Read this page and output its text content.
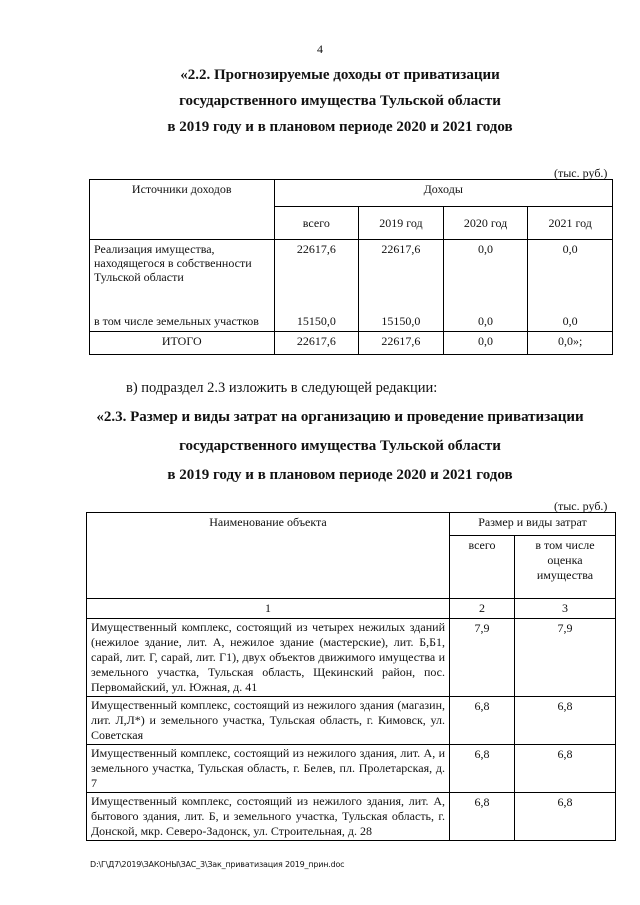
4
«2.2. Прогнозируемые доходы от приватизации
государственного имущества Тульской области
в 2019 году и в плановом периоде 2020 и 2021 годов
(тыс. руб.)
Источники доходов	Доходы			
	всего	2019 год	2020 год	2021 год
Реализация имущества, находящегося в собственности Тульской области	22617,6	22617,6	0,0	0,0
в том числе земельных участков	15150,0	15150,0	0,0	0,0
ИТОГО	22617,6	22617,6	0,0	0,0»;
в) подраздел 2.3 изложить в следующей редакции:
«2.3. Размер и виды затрат на организацию и проведение приватизации
государственного имущества Тульской области
в 2019 году и в плановом периоде 2020 и 2021 годов
(тыс. руб.)
Наименование объекта	Размер и виды затрат	
	всего	в том числе оценка имущества
1	2	3
Имущественный комплекс, состоящий из четырех нежилых зданий (нежилое здание, лит. А, нежилое здание (мастерские), лит. Б,Б1, сарай, лит. Г, сарай, лит. Г1), двух объектов движимого имущества и земельного участка, Тульская область, Щекинский район, пос. Первомайский, ул. Южная, д. 41	7,9	7,9
Имущественный комплекс, состоящий из нежилого здания (магазин, лит. Л,Л*) и земельного участка, Тульская область, г. Кимовск, ул. Советская	6,8	6,8
Имущественный комплекс, состоящий из нежилого здания, лит. А, и земельного участка, Тульская область, г. Белев, пл. Пролетарская, д. 7	6,8	6,8
Имущественный комплекс, состоящий из нежилого здания, лит. А, бытового здания, лит. Б, и земельного участка, Тульская область, г. Донской, мкр. Северо-Задонск, ул. Строительная, д. 28	6,8	6,8
D:\Г\Д7\2019\ЗАКОНЫ\ЗАС_3\Зак_приватизация 2019_прин.doc
